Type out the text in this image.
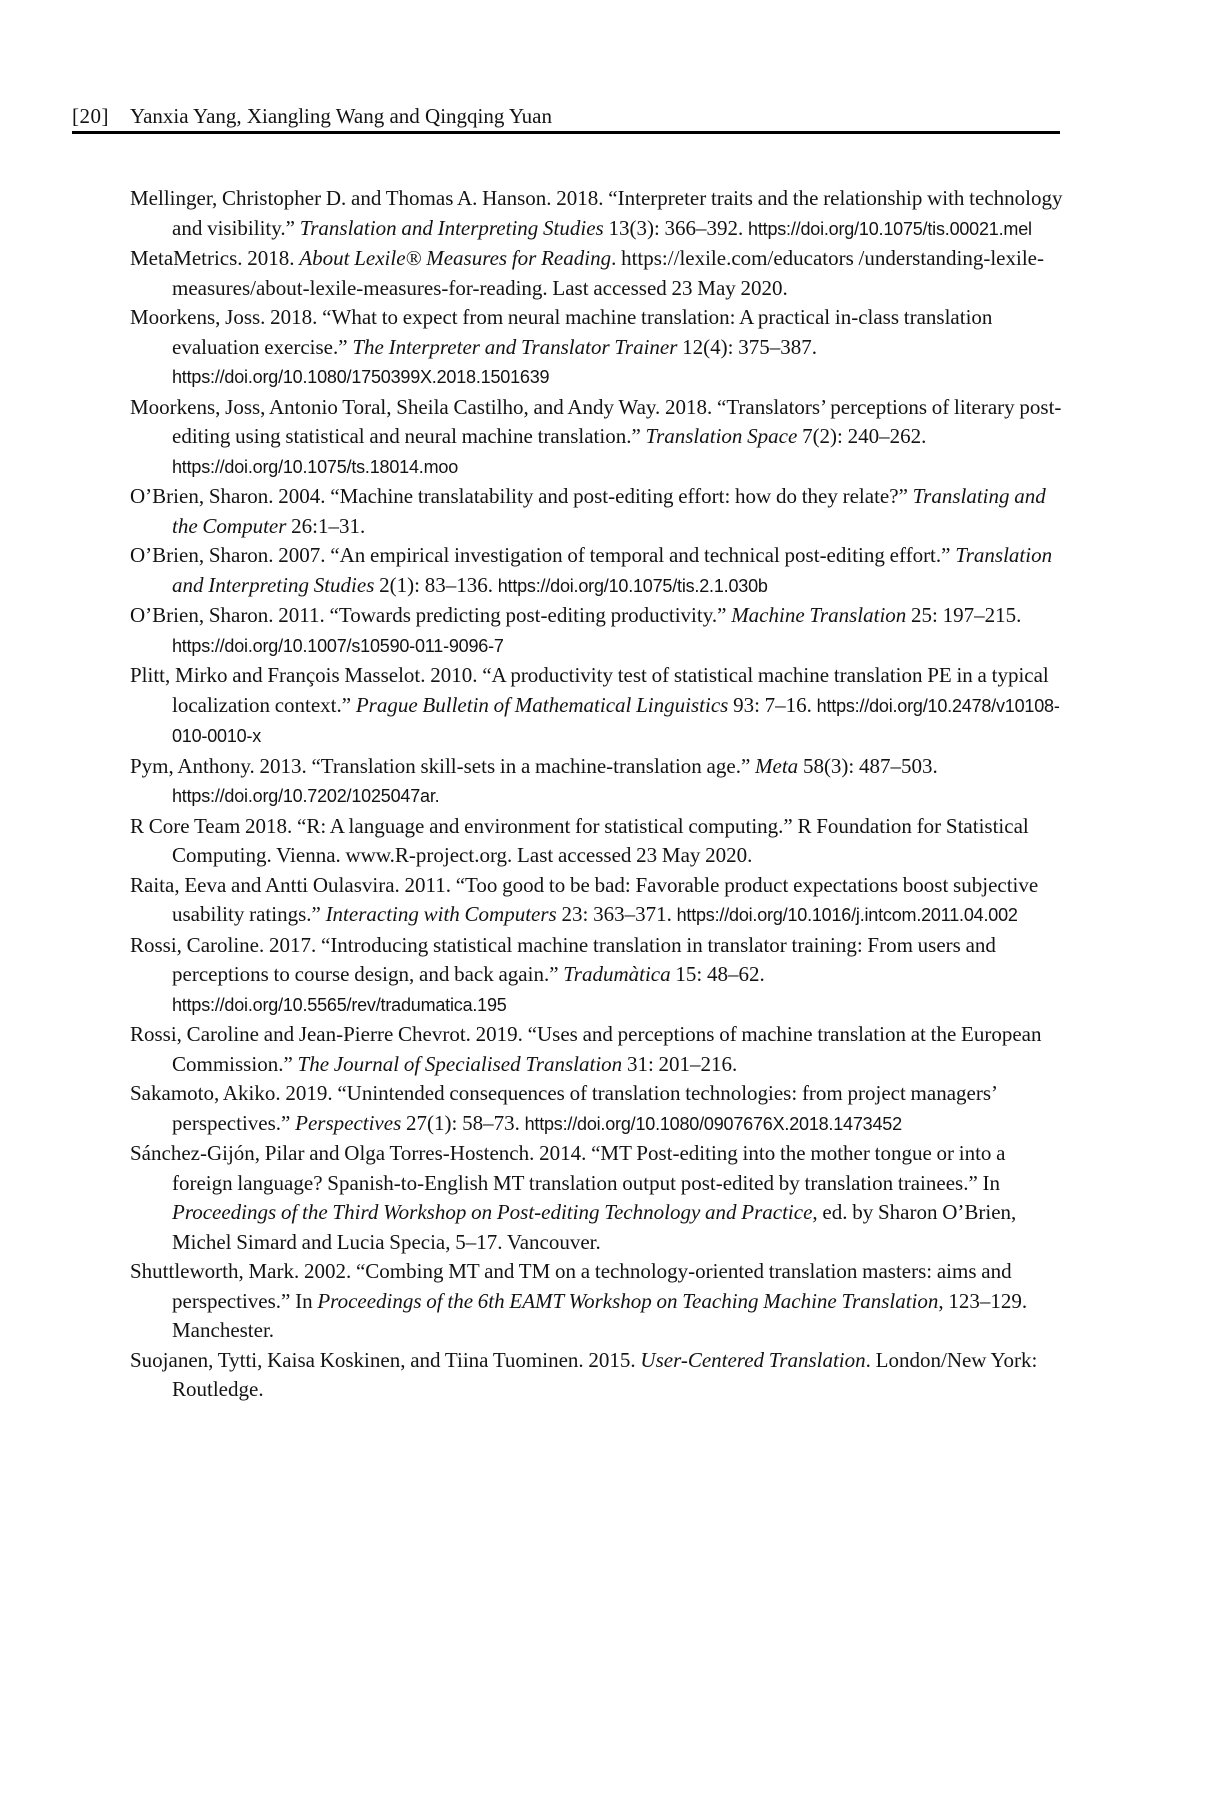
[20] Yanxia Yang, Xiangling Wang and Qingqing Yuan

Mellinger, Christopher D. and Thomas A. Hanson. 2018. “Interpreter traits and the relationship with technology and visibility.” Translation and Interpreting Studies 13(3): 366–392. https://doi.org/10.1075/tis.00021.mel

MetaMetrics. 2018. About Lexile® Measures for Reading. https://lexile.com/educators /understanding-lexile-measures/about-lexile-measures-for-reading. Last accessed 23 May 2020.

Moorkens, Joss. 2018. “What to expect from neural machine translation: A practical in-class translation evaluation exercise.” The Interpreter and Translator Trainer 12(4): 375–387. https://doi.org/10.1080/1750399X.2018.1501639

Moorkens, Joss, Antonio Toral, Sheila Castilho, and Andy Way. 2018. “Translators’ perceptions of literary post-editing using statistical and neural machine translation.” Translation Space 7(2): 240–262. https://doi.org/10.1075/ts.18014.moo

O’Brien, Sharon. 2004. “Machine translatability and post-editing effort: how do they relate?” Translating and the Computer 26:1–31.

O’Brien, Sharon. 2007. “An empirical investigation of temporal and technical post-editing effort.” Translation and Interpreting Studies 2(1): 83–136. https://doi.org/10.1075/tis.2.1.030b

O’Brien, Sharon. 2011. “Towards predicting post-editing productivity.” Machine Translation 25: 197–215. https://doi.org/10.1007/s10590-011-9096-7

Plitt, Mirko and François Masselot. 2010. “A productivity test of statistical machine translation PE in a typical localization context.” Prague Bulletin of Mathematical Linguistics 93: 7–16. https://doi.org/10.2478/v10108-010-0010-x

Pym, Anthony. 2013. “Translation skill-sets in a machine-translation age.” Meta 58(3): 487–503. https://doi.org/10.7202/1025047ar.

R Core Team 2018. “R: A language and environment for statistical computing.” R Foundation for Statistical Computing. Vienna. www.R-project.org. Last accessed 23 May 2020.

Raita, Eeva and Antti Oulasvira. 2011. “Too good to be bad: Favorable product expectations boost subjective usability ratings.” Interacting with Computers 23: 363–371. https://doi.org/10.1016/j.intcom.2011.04.002

Rossi, Caroline. 2017. “Introducing statistical machine translation in translator training: From users and perceptions to course design, and back again.” Tradumàtica 15: 48–62. https://doi.org/10.5565/rev/tradumatica.195

Rossi, Caroline and Jean-Pierre Chevrot. 2019. “Uses and perceptions of machine translation at the European Commission.” The Journal of Specialised Translation 31: 201–216.

Sakamoto, Akiko. 2019. “Unintended consequences of translation technologies: from project managers’ perspectives.” Perspectives 27(1): 58–73. https://doi.org/10.1080/0907676X.2018.1473452

Sánchez-Gijón, Pilar and Olga Torres-Hostench. 2014. “MT Post-editing into the mother tongue or into a foreign language? Spanish-to-English MT translation output post-edited by translation trainees.” In Proceedings of the Third Workshop on Post-editing Technology and Practice, ed. by Sharon O’Brien, Michel Simard and Lucia Specia, 5–17. Vancouver.

Shuttleworth, Mark. 2002. “Combing MT and TM on a technology-oriented translation masters: aims and perspectives.” In Proceedings of the 6th EAMT Workshop on Teaching Machine Translation, 123–129. Manchester.

Suojanen, Tytti, Kaisa Koskinen, and Tiina Tuominen. 2015. User-Centered Translation. London/New York: Routledge.
